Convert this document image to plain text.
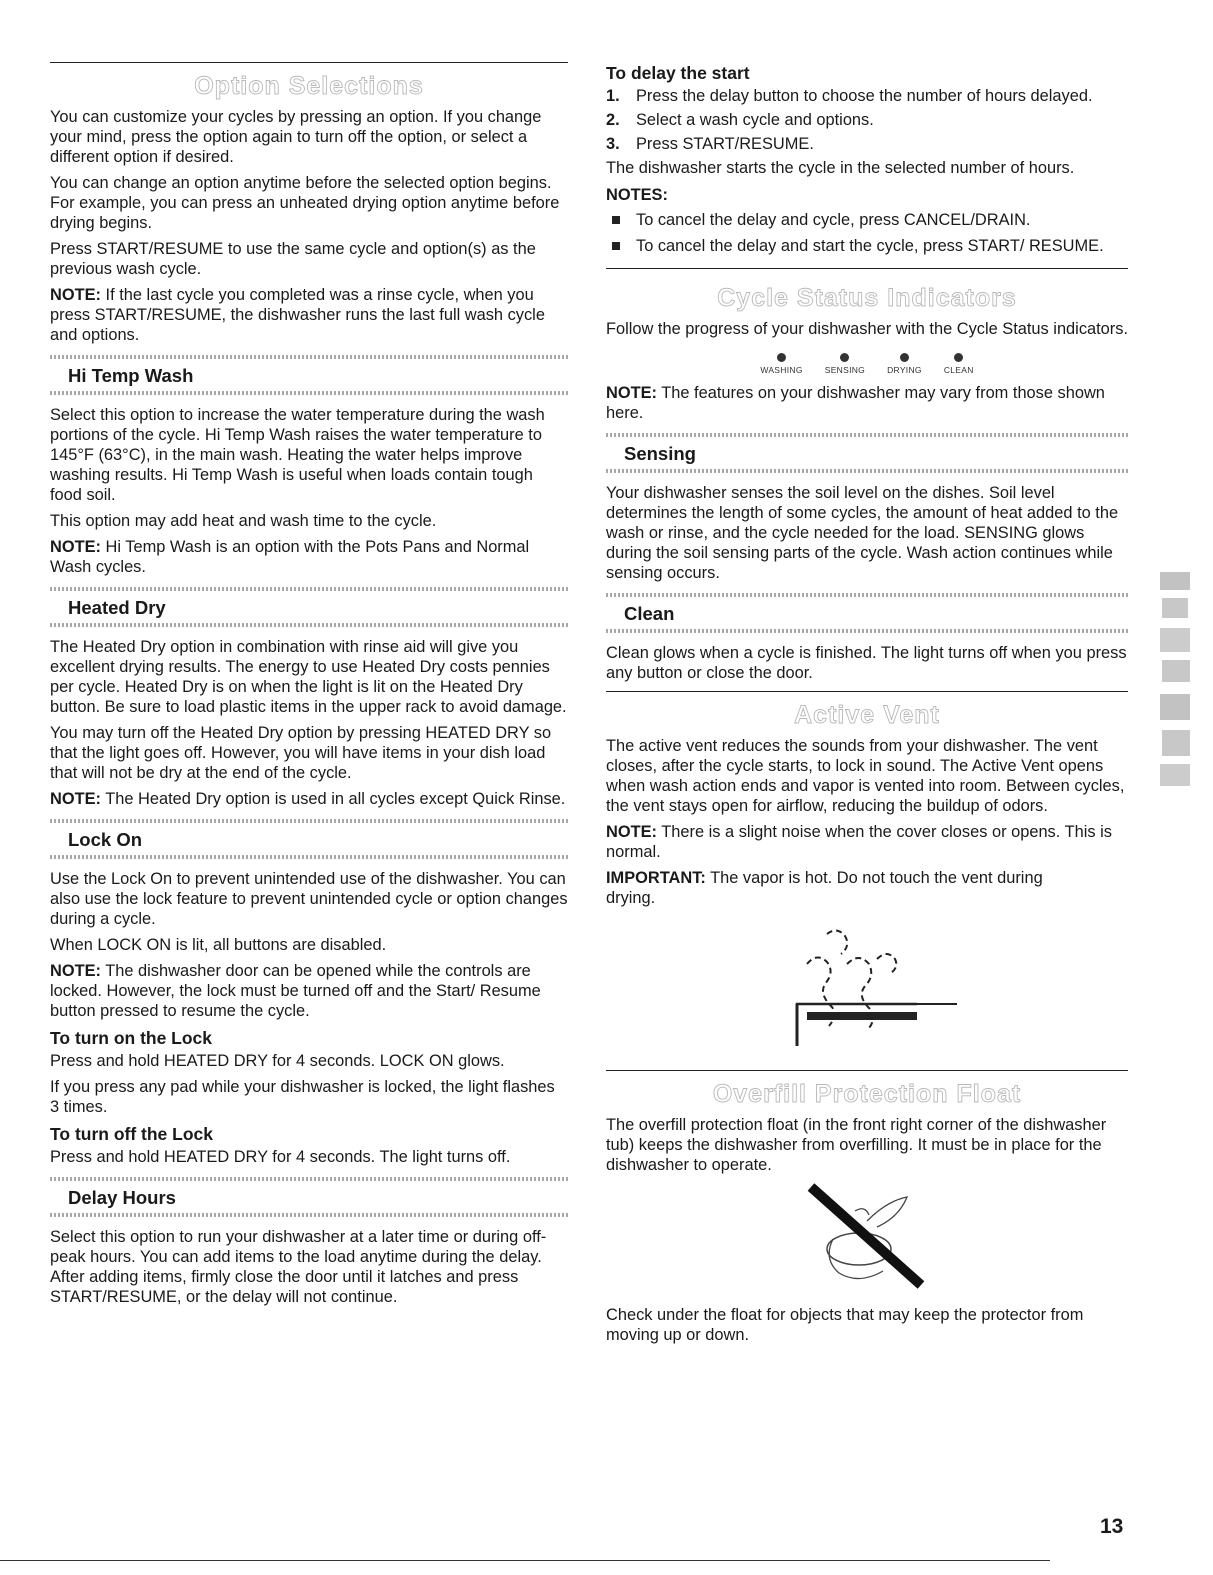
Option Selections

You can customize your cycles by pressing an option. If you change your mind, press the option again to turn off the option, or select a different option if desired.

You can change an option anytime before the selected option begins. For example, you can press an unheated drying option anytime before drying begins.

Press START/RESUME to use the same cycle and option(s) as the previous wash cycle.

NOTE: If the last cycle you completed was a rinse cycle, when you press START/RESUME, the dishwasher runs the last full wash cycle and options.

Hi Temp Wash

Select this option to increase the water temperature during the wash portions of the cycle. Hi Temp Wash raises the water temperature to 145°F (63°C), in the main wash. Heating the water helps improve washing results. Hi Temp Wash is useful when loads contain tough food soil.

This option may add heat and wash time to the cycle.

NOTE: Hi Temp Wash is an option with the Pots Pans and Normal Wash cycles.

Heated Dry

The Heated Dry option in combination with rinse aid will give you excellent drying results. The energy to use Heated Dry costs pennies per cycle. Heated Dry is on when the light is lit on the Heated Dry button. Be sure to load plastic items in the upper rack to avoid damage.

You may turn off the Heated Dry option by pressing HEATED DRY so that the light goes off. However, you will have items in your dish load that will not be dry at the end of the cycle.

NOTE: The Heated Dry option is used in all cycles except Quick Rinse.

Lock On

Use the Lock On to prevent unintended use of the dishwasher. You can also use the lock feature to prevent unintended cycle or option changes during a cycle.

When LOCK ON is lit, all buttons are disabled.

NOTE: The dishwasher door can be opened while the controls are locked. However, the lock must be turned off and the Start/ Resume button pressed to resume the cycle.

To turn on the Lock

Press and hold HEATED DRY for 4 seconds. LOCK ON glows.

If you press any pad while your dishwasher is locked, the light flashes 3 times.

To turn off the Lock

Press and hold HEATED DRY for 4 seconds. The light turns off.

Delay Hours

Select this option to run your dishwasher at a later time or during off-peak hours. You can add items to the load anytime during the delay. After adding items, firmly close the door until it latches and press START/RESUME, or the delay will not continue.

To delay the start
1. Press the delay button to choose the number of hours delayed.
2. Select a wash cycle and options.
3. Press START/RESUME.

The dishwasher starts the cycle in the selected number of hours.

NOTES:
To cancel the delay and cycle, press CANCEL/DRAIN.
To cancel the delay and start the cycle, press START/ RESUME.
Cycle Status Indicators

Follow the progress of your dishwasher with the Cycle Status indicators.

WASHING	SENSING	DRYING	CLEAN

NOTE: The features on your dishwasher may vary from those shown here.

Sensing

Your dishwasher senses the soil level on the dishes. Soil level determines the length of some cycles, the amount of heat added to the wash or rinse, and the cycle needed for the load. SENSING glows during the soil sensing parts of the cycle. Wash action continues while sensing occurs.

Clean

Clean glows when a cycle is finished. The light turns off when you press any button or close the door.

Active Vent

The active vent reduces the sounds from your dishwasher. The vent closes, after the cycle starts, to lock in sound. The Active Vent opens when wash action ends and vapor is vented into room. Between cycles, the vent stays open for airflow, reducing the buildup of odors.

NOTE: There is a slight noise when the cover closes or opens. This is normal.

IMPORTANT: The vapor is hot. Do not touch the vent during drying.

Overfill Protection Float

The overfill protection float (in the front right corner of the dishwasher tub) keeps the dishwasher from overfilling. It must be in place for the dishwasher to operate.

Check under the float for objects that may keep the protector from moving up or down.

13
